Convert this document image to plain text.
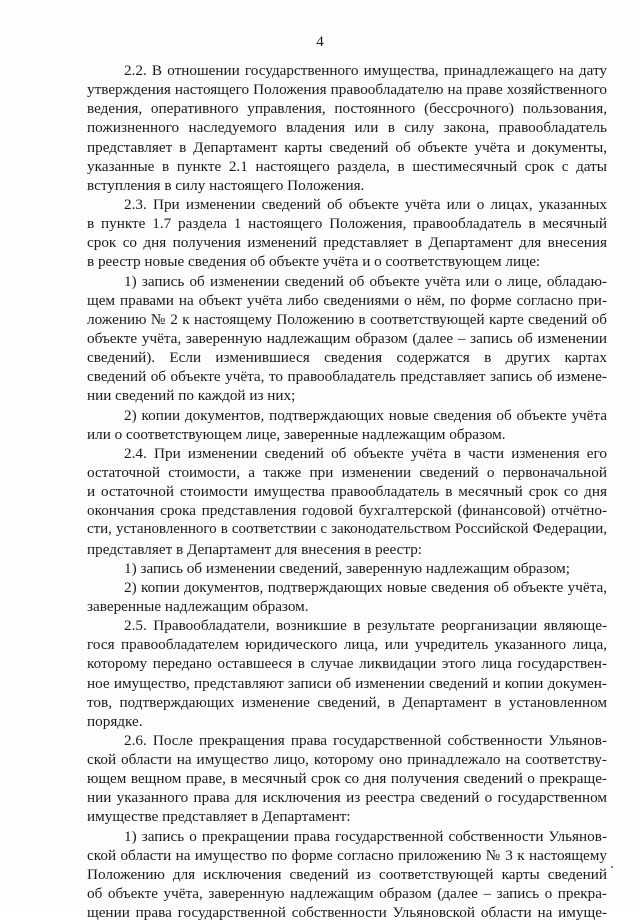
4
2.2. В отношении государственного имущества, принадлежащего на дату
утверждения настоящего Положения правообладателю на праве хозяйственного
ведения, оперативного управления, постоянного (бессрочного) пользования,
пожизненного наследуемого владения или в силу закона, правообладатель
представляет в Департамент карты сведений об объекте учёта и документы,
указанные в пункте 2.1 настоящего раздела, в шестимесячный срок с даты
вступления в силу настоящего Положения.
2.3. При изменении сведений об объекте учёта или о лицах, указанных
в пункте 1.7 раздела 1 настоящего Положения, правообладатель в месячный
срок со дня получения изменений представляет в Департамент для внесения
в реестр новые сведения об объекте учёта и о соответствующем лице:
1) запись об изменении сведений об объекте учёта или о лице, обладаю-
щем правами на объект учёта либо сведениями о нём, по форме согласно при-
ложению № 2 к настоящему Положению в соответствующей карте сведений об
объекте учёта, заверенную надлежащим образом (далее – запись об изменении
сведений). Если изменившиеся сведения содержатся в других картах
сведений об объекте учёта, то правообладатель представляет запись об измене-
нии сведений по каждой из них;
2) копии документов, подтверждающих новые сведения об объекте учёта
или о соответствующем лице, заверенные надлежащим образом.
2.4. При изменении сведений об объекте учёта в части изменения его
остаточной стоимости, а также при изменении сведений о первоначальной
и остаточной стоимости имущества правообладатель в месячный срок со дня
окончания срока представления годовой бухгалтерской (финансовой) отчётно-
сти, установленного в соответствии с законодательством Российской Федерации,
представляет в Департамент для внесения в реестр:
1) запись об изменении сведений, заверенную надлежащим образом;
2) копии документов, подтверждающих новые сведения об объекте учёта,
заверенные надлежащим образом.
2.5. Правообладатели, возникшие в результате реорганизации являюще-
гося правообладателем юридического лица, или учредитель указанного лица,
которому передано оставшееся в случае ликвидации этого лица государствен-
ное имущество, представляют записи об изменении сведений и копии докумен-
тов, подтверждающих изменение сведений, в Департамент в установленном
порядке.
2.6. После прекращения права государственной собственности Ульянов-
ской области на имущество лицо, которому оно принадлежало на соответству-
ющем вещном праве, в месячный срок со дня получения сведений о прекраще-
нии указанного права для исключения из реестра сведений о государственном
имуществе представляет в Департамент:
1) запись о прекращении права государственной собственности Ульянов-
ской области на имущество по форме согласно приложению № 3 к настоящему
Положению для исключения сведений из соответствующей карты сведений
об объекте учёта, заверенную надлежащим образом (далее – запись о прекра-
щении права государственной собственности Ульяновской области на имуще-
